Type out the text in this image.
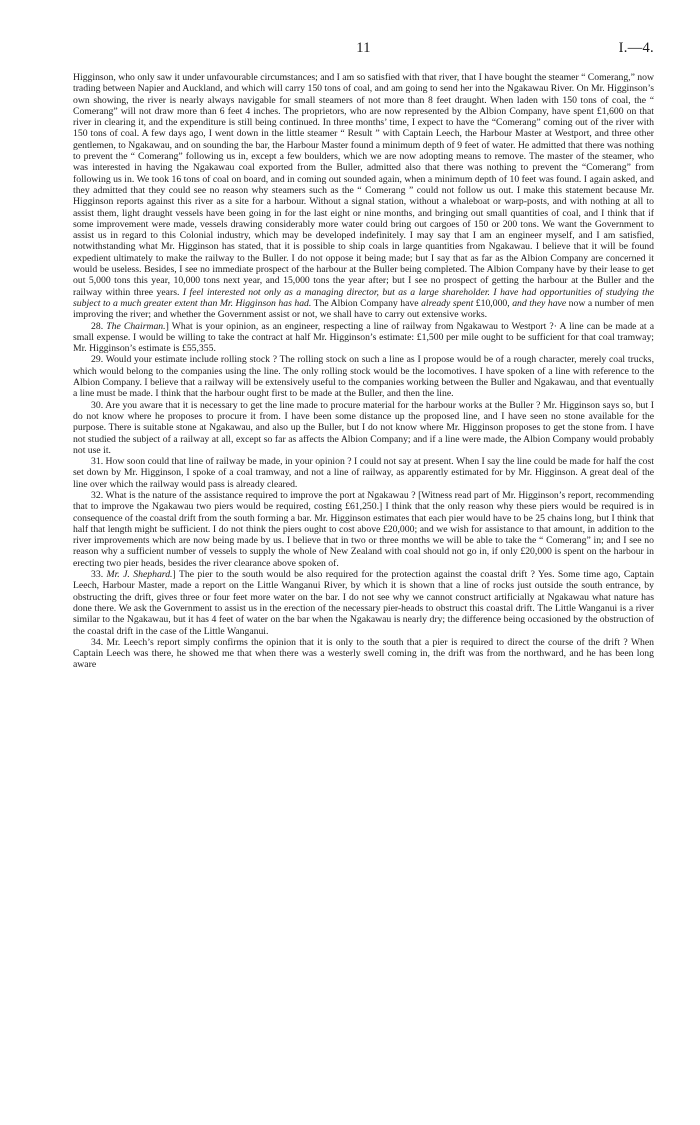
11	I.—4.

Higginson, who only saw it under unfavourable circumstances; and I am so satisfied with that river, that I have bought the steamer “ Comerang,” now trading between Napier and Auckland, and which will carry 150 tons of coal, and am going to send her into the Ngakawau River. On Mr. Higginson’s own showing, the river is nearly always navigable for small steamers of not more than 8 feet draught. When laden with 150 tons of coal, the “ Comerang” will not draw more than 6 feet 4 inches. The proprietors, who are now represented by the Albion Company, have spent £1,600 on that river in clearing it, and the expenditure is still being continued. In three months’ time, I expect to have the “Comerang” coming out of the river with 150 tons of coal. A few days ago, I went down in the little steamer “ Result ” with Captain Leech, the Harbour Master at Westport, and three other gentlemen, to Ngakawau, and on sounding the bar, the Harbour Master found a minimum depth of 9 feet of water. He admitted that there was nothing to prevent the “ Comerang” following us in, except a few boulders, which we are now adopting means to remove. The master of the steamer, who was interested in having the Ngakawau coal exported from the Buller, admitted also that there was nothing to prevent the “Comerang” from following us in. We took 16 tons of coal on board, and in coming out sounded again, when a minimum depth of 10 feet was found. I again asked, and they admitted that they could see no reason why steamers such as the “ Comerang ” could not follow us out. I make this statement because Mr. Higginson reports against this river as a site for a harbour. Without a signal station, without a whaleboat or warp-posts, and with nothing at all to assist them, light draught vessels have been going in for the last eight or nine months, and bringing out small quantities of coal, and I think that if some improvement were made, vessels drawing considerably more water could bring out cargoes of 150 or 200 tons. We want the Government to assist us in regard to this Colonial industry, which may be developed indefinitely. I may say that I am an engineer myself, and I am satisfied, notwithstanding what Mr. Higginson has stated, that it is possible to ship coals in large quantities from Ngakawau. I believe that it will be found expedient ultimately to make the railway to the Buller. I do not oppose it being made; but I say that as far as the Albion Company are concerned it would be useless. Besides, I see no immediate prospect of the harbour at the Buller being completed. The Albion Company have by their lease to get out 5,000 tons this year, 10,000 tons next year, and 15,000 tons the year after; but I see no prospect of getting the harbour at the Buller and the railway within three years. I feel interested not only as a managing director, but as a large shareholder. I have had opportunities of studying the subject to a much greater extent than Mr. Higginson has had. The Albion Company have already spent £10,000, and they have now a number of men improving the river; and whether the Government assist or not, we shall have to carry out extensive works.

28. The Chairman.] What is your opinion, as an engineer, respecting a line of railway from Ngakawau to Westport ?· A line can be made at a small expense. I would be willing to take the contract at half Mr. Higginson’s estimate: £1,500 per mile ought to be sufficient for that coal tramway; Mr. Higginson’s estimate is £55,355.

29. Would your estimate include rolling stock ? The rolling stock on such a line as I propose would be of a rough character, merely coal trucks, which would belong to the companies using the line. The only rolling stock would be the locomotives. I have spoken of a line with reference to the Albion Company. I believe that a railway will be extensively useful to the companies working between the Buller and Ngakawau, and that eventually a line must be made. I think that the harbour ought first to be made at the Buller, and then the line.

30. Are you aware that it is necessary to get the line made to procure material for the harbour works at the Buller ? Mr. Higginson says so, but I do not know where he proposes to procure it from. I have been some distance up the proposed line, and I have seen no stone available for the purpose. There is suitable stone at Ngakawau, and also up the Buller, but I do not know where Mr. Higginson proposes to get the stone from. I have not studied the subject of a railway at all, except so far as affects the Albion Company; and if a line were made, the Albion Company would probably not use it.

31. How soon could that line of railway be made, in your opinion ? I could not say at present. When I say the line could be made for half the cost set down by Mr. Higginson, I spoke of a coal tramway, and not a line of railway, as apparently estimated for by Mr. Higginson. A great deal of the line over which the railway would pass is already cleared.

32. What is the nature of the assistance required to improve the port at Ngakawau ? [Witness read part of Mr. Higginson’s report, recommending that to improve the Ngakawau two piers would be required, costing £61,250.] I think that the only reason why these piers would be required is in consequence of the coastal drift from the south forming a bar. Mr. Higginson estimates that each pier would have to be 25 chains long, but I think that half that length might be sufficient. I do not think the piers ought to cost above £20,000; and we wish for assistance to that amount, in addition to the river improvements which are now being made by us. I believe that in two or three months we will be able to take the “ Comerang” in; and I see no reason why a sufficient number of vessels to supply the whole of New Zealand with coal should not go in, if only £20,000 is spent on the harbour in erecting two pier heads, besides the river clearance above spoken of.

33. Mr. J. Shephard.] The pier to the south would be also required for the protection against the coastal drift ? Yes. Some time ago, Captain Leech, Harbour Master, made a report on the Little Wanganui River, by which it is shown that a line of rocks just outside the south entrance, by obstructing the drift, gives three or four feet more water on the bar. I do not see why we cannot construct artificially at Ngakawau what nature has done there. We ask the Government to assist us in the erection of the necessary pier-heads to obstruct this coastal drift. The Little Wanganui is a river similar to the Ngakawau, but it has 4 feet of water on the bar when the Ngakawau is nearly dry; the difference being occasioned by the obstruction of the coastal drift in the case of the Little Wanganui.

34. Mr. Leech’s report simply confirms the opinion that it is only to the south that a pier is required to direct the course of the drift ? When Captain Leech was there, he showed me that when there was a westerly swell coming in, the drift was from the northward, and he has been long aware
